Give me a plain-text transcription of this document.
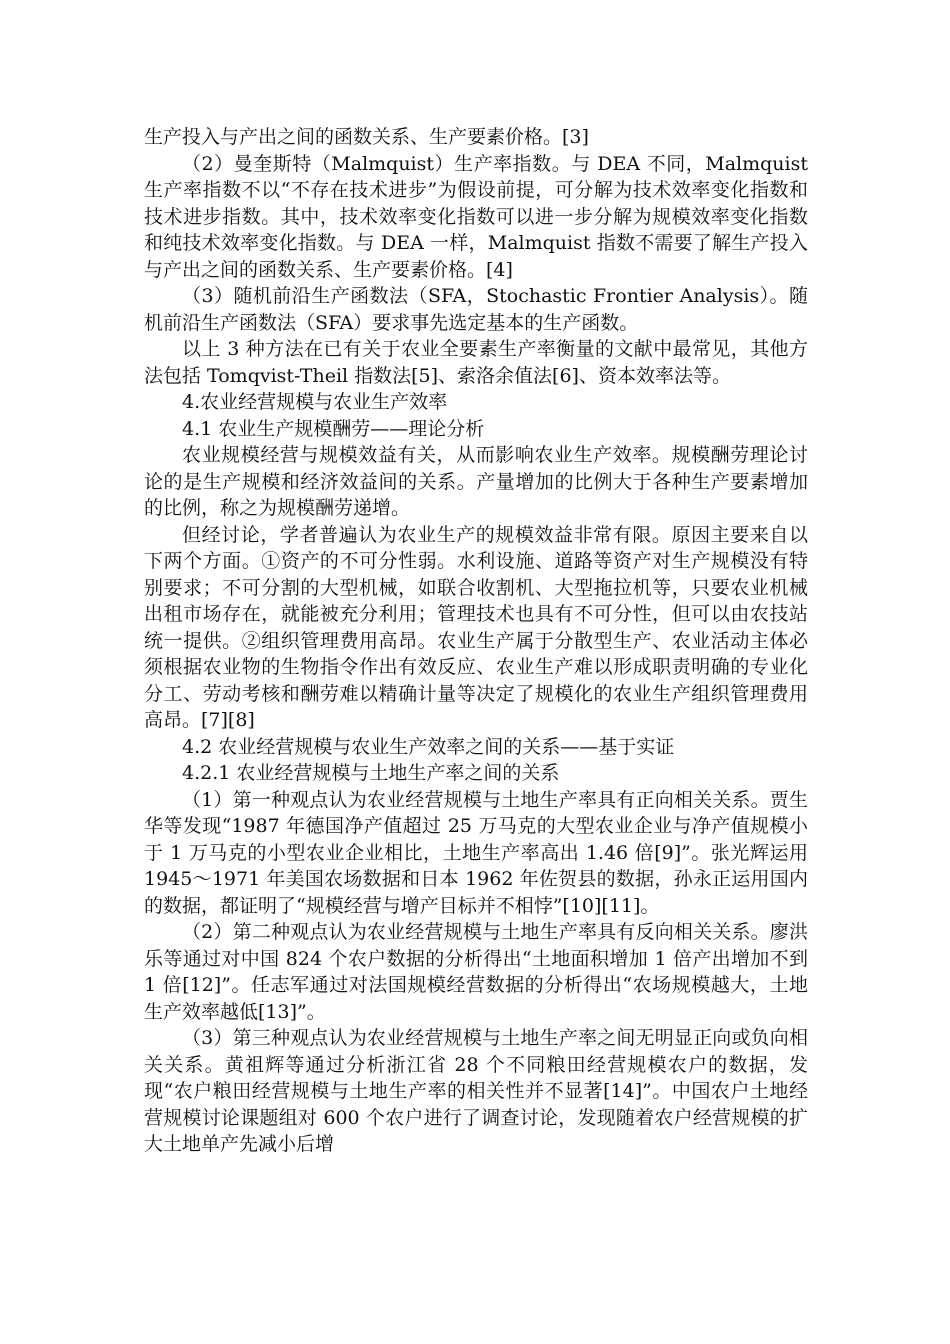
生产投入与产出之间的函数关系、生产要素价格。[3]

（2）曼奎斯特（Malmquist）生产率指数。与 DEA 不同，Malmquist 生产率指数不以“不存在技术进步”为假设前提，可分解为技术效率变化指数和技术进步指数。其中，技术效率变化指数可以进一步分解为规模效率变化指数和纯技术效率变化指数。与 DEA 一样，Malmquist 指数不需要了解生产投入与产出之间的函数关系、生产要素价格。[4]

（3）随机前沿生产函数法（SFA，Stochastic Frontier Analysis）。随机前沿生产函数法（SFA）要求事先选定基本的生产函数。

以上 3 种方法在已有关于农业全要素生产率衡量的文献中最常见，其他方法包括 Tomqvist-Theil 指数法[5]、索洛余值法[6]、资本效率法等。

4.农业经营规模与农业生产效率

4.1 农业生产规模酬劳——理论分析

农业规模经营与规模效益有关，从而影响农业生产效率。规模酬劳理论讨论的是生产规模和经济效益间的关系。产量增加的比例大于各种生产要素增加的比例，称之为规模酬劳递增。

但经讨论，学者普遍认为农业生产的规模效益非常有限。原因主要来自以下两个方面。①资产的不可分性弱。水利设施、道路等资产对生产规模没有特别要求；不可分割的大型机械，如联合收割机、大型拖拉机等，只要农业机械出租市场存在，就能被充分利用；管理技术也具有不可分性，但可以由农技站统一提供。②组织管理费用高昂。农业生产属于分散型生产、农业活动主体必须根据农业物的生物指令作出有效反应、农业生产难以形成职责明确的专业化分工、劳动考核和酬劳难以精确计量等决定了规模化的农业生产组织管理费用高昂。[7][8]

4.2 农业经营规模与农业生产效率之间的关系——基于实证

4.2.1 农业经营规模与土地生产率之间的关系

（1）第一种观点认为农业经营规模与土地生产率具有正向相关关系。贾生华等发现“1987 年德国净产值超过 25 万马克的大型农业企业与净产值规模小于 1 万马克的小型农业企业相比，土地生产率高出 1.46 倍[9]”。张光辉运用 1945～1971 年美国农场数据和日本 1962 年佐贺县的数据，孙永正运用国内的数据，都证明了“规模经营与增产目标并不相悖”[10][11]。

（2）第二种观点认为农业经营规模与土地生产率具有反向相关关系。廖洪乐等通过对中国 824 个农户数据的分析得出“土地面积增加 1 倍产出增加不到 1 倍[12]”。任志军通过对法国规模经营数据的分析得出“农场规模越大，土地生产效率越低[13]”。

（3）第三种观点认为农业经营规模与土地生产率之间无明显正向或负向相关关系。黄祖辉等通过分析浙江省 28 个不同粮田经营规模农户的数据，发现“农户粮田经营规模与土地生产率的相关性并不显著[14]”。中国农户土地经营规模讨论课题组对 600 个农户进行了调查讨论，发现随着农户经营规模的扩大土地单产先减小后增
